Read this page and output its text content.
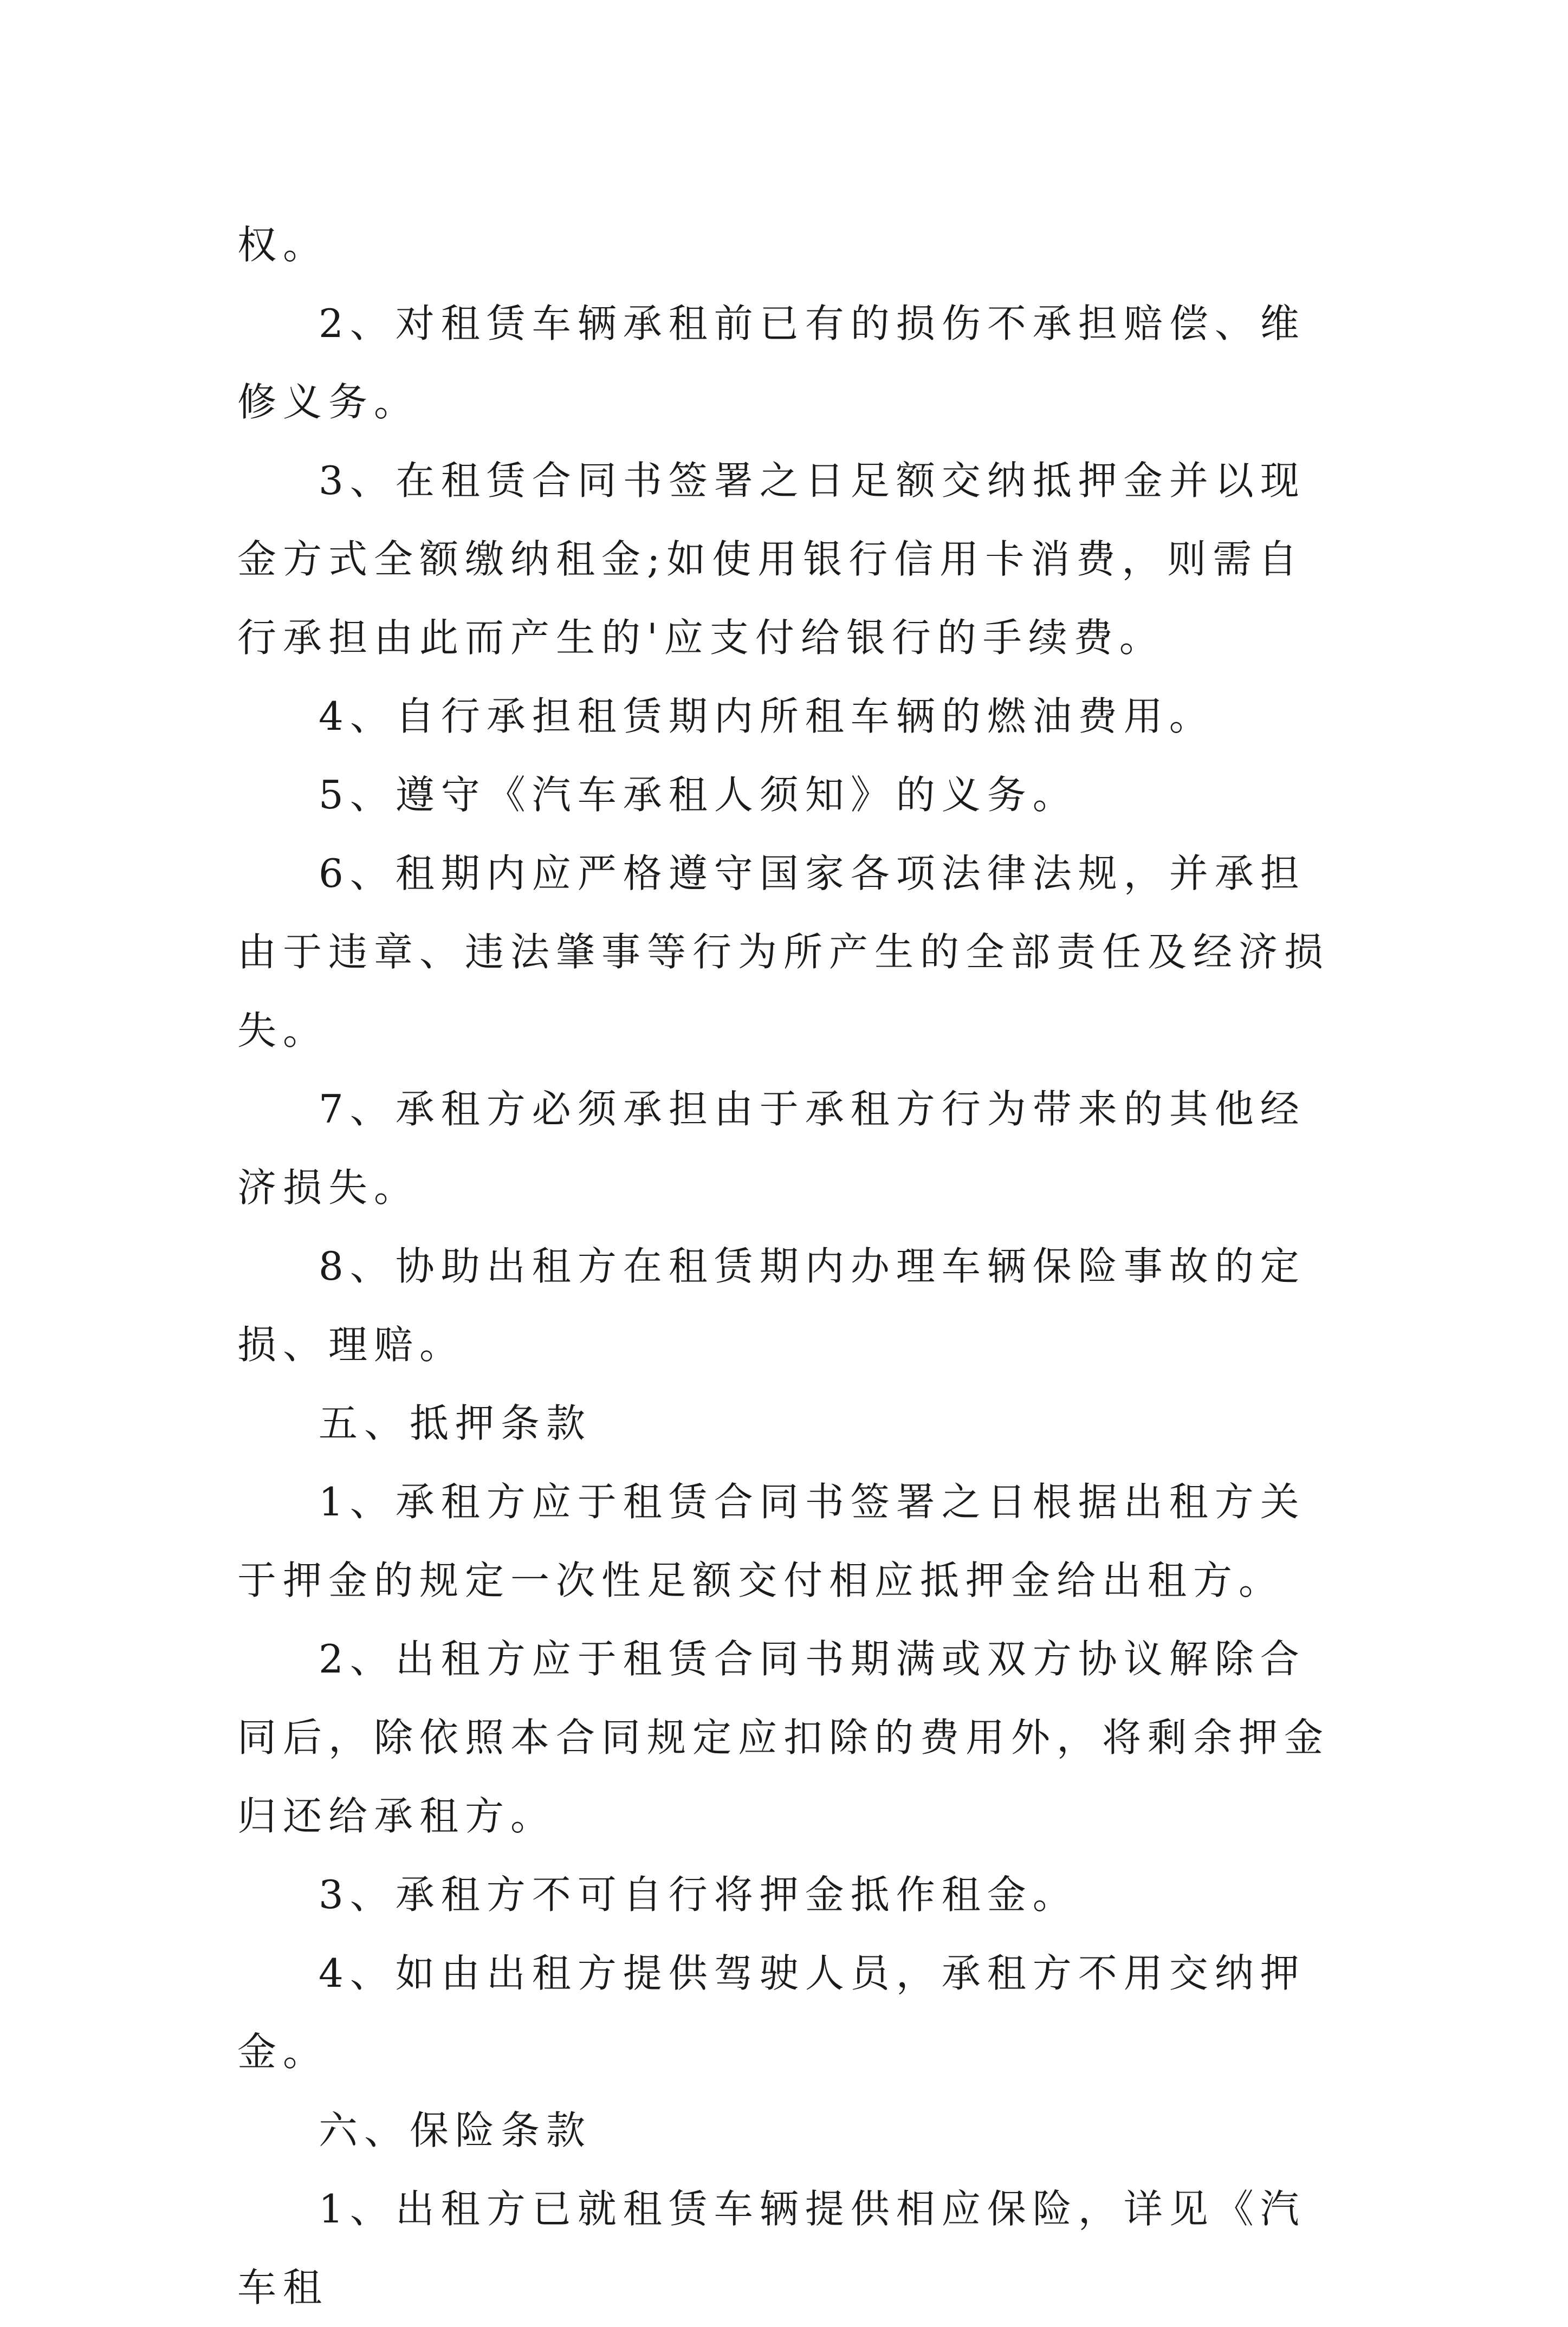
权。

2、对租赁车辆承租前已有的损伤不承担赔偿、维修义务。

3、在租赁合同书签署之日足额交纳抵押金并以现金方式全额缴纳租金;如使用银行信用卡消费，则需自行承担由此而产生的'应支付给银行的手续费。

4、自行承担租赁期内所租车辆的燃油费用。

5、遵守《汽车承租人须知》的义务。

6、租期内应严格遵守国家各项法律法规，并承担由于违章、违法肇事等行为所产生的全部责任及经济损失。

7、承租方必须承担由于承租方行为带来的其他经济损失。

8、协助出租方在租赁期内办理车辆保险事故的定损、理赔。

五、抵押条款

1、承租方应于租赁合同书签署之日根据出租方关于押金的规定一次性足额交付相应抵押金给出租方。

2、出租方应于租赁合同书期满或双方协议解除合同后，除依照本合同规定应扣除的费用外，将剩余押金归还给承租方。

3、承租方不可自行将押金抵作租金。

4、如由出租方提供驾驶人员，承租方不用交纳押金。

六、保险条款

1、出租方已就租赁车辆提供相应保险，详见《汽车租
